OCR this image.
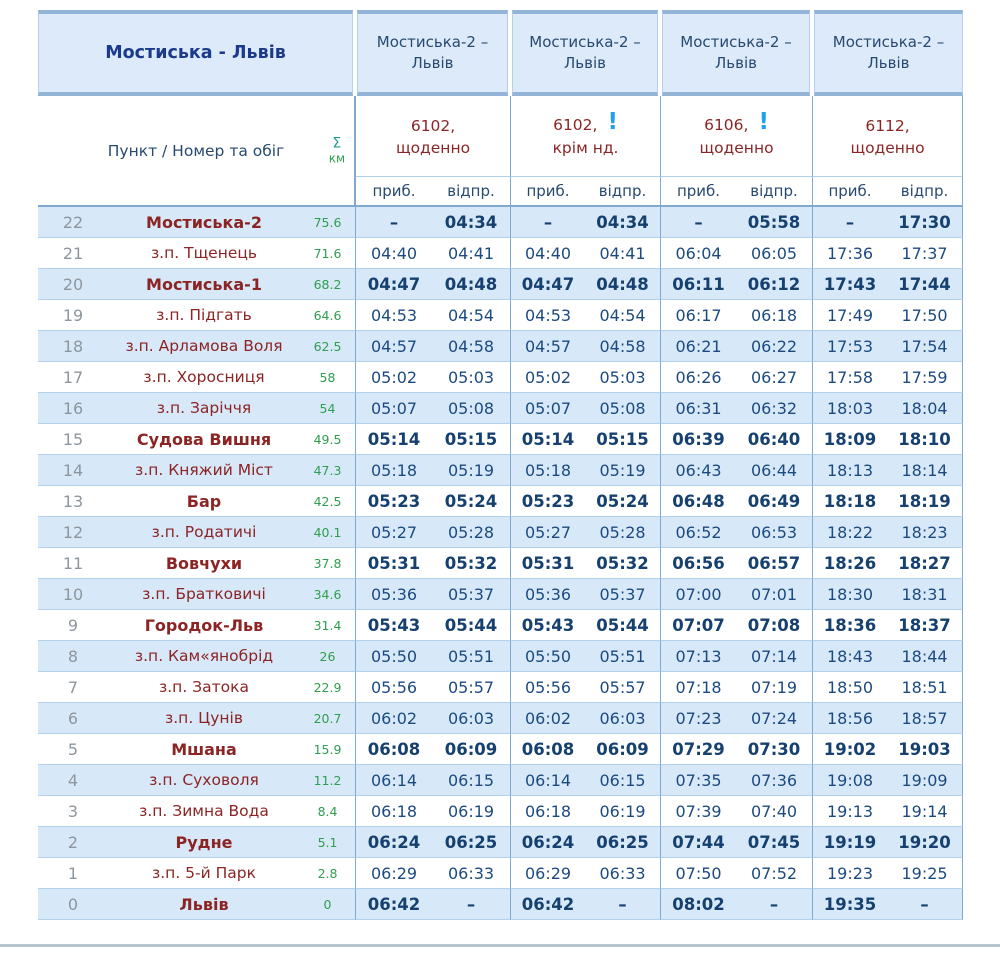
Мостиська - Львів			Мостиська-2 – Львів		Мостиська-2 – Львів		Мостиська-2 – Львів		Мостиська-2 – Львів	

Пункт / Номер та обіг	Σ
км

6102,
щоденно

6102, !
крім нд.

6106, !
щоденно

6112,
щоденно

			приб.	відпр.	приб.	відпр.	приб.	відпр.	приб.	відпр.
22	Мостиська-2	75.6	–	04:34	–	04:34	–	05:58	–	17:30
21	з.п. Тщенець	71.6	04:40	04:41	04:40	04:41	06:04	06:05	17:36	17:37
20	Мостиська-1	68.2	04:47	04:48	04:47	04:48	06:11	06:12	17:43	17:44
19	з.п. Підгать	64.6	04:53	04:54	04:53	04:54	06:17	06:18	17:49	17:50
18	з.п. Арламова Воля	62.5	04:57	04:58	04:57	04:58	06:21	06:22	17:53	17:54
17	з.п. Хоросниця	58	05:02	05:03	05:02	05:03	06:26	06:27	17:58	17:59
16	з.п. Заріччя	54	05:07	05:08	05:07	05:08	06:31	06:32	18:03	18:04
15	Судова Вишня	49.5	05:14	05:15	05:14	05:15	06:39	06:40	18:09	18:10
14	з.п. Княжий Міст	47.3	05:18	05:19	05:18	05:19	06:43	06:44	18:13	18:14
13	Бар	42.5	05:23	05:24	05:23	05:24	06:48	06:49	18:18	18:19
12	з.п. Родатичі	40.1	05:27	05:28	05:27	05:28	06:52	06:53	18:22	18:23
11	Вовчухи	37.8	05:31	05:32	05:31	05:32	06:56	06:57	18:26	18:27
10	з.п. Братковичі	34.6	05:36	05:37	05:36	05:37	07:00	07:01	18:30	18:31
9	Городок-Льв	31.4	05:43	05:44	05:43	05:44	07:07	07:08	18:36	18:37
8	з.п. Кам«янобрід	26	05:50	05:51	05:50	05:51	07:13	07:14	18:43	18:44
7	з.п. Затока	22.9	05:56	05:57	05:56	05:57	07:18	07:19	18:50	18:51
6	з.п. Цунів	20.7	06:02	06:03	06:02	06:03	07:23	07:24	18:56	18:57
5	Мшана	15.9	06:08	06:09	06:08	06:09	07:29	07:30	19:02	19:03
4	з.п. Суховоля	11.2	06:14	06:15	06:14	06:15	07:35	07:36	19:08	19:09
3	з.п. Зимна Вода	8.4	06:18	06:19	06:18	06:19	07:39	07:40	19:13	19:14
2	Рудне	5.1	06:24	06:25	06:24	06:25	07:44	07:45	19:19	19:20
1	з.п. 5-й Парк	2.8	06:29	06:33	06:29	06:33	07:50	07:52	19:23	19:25
0	Львів	0	06:42	–	06:42	–	08:02	–	19:35	–
